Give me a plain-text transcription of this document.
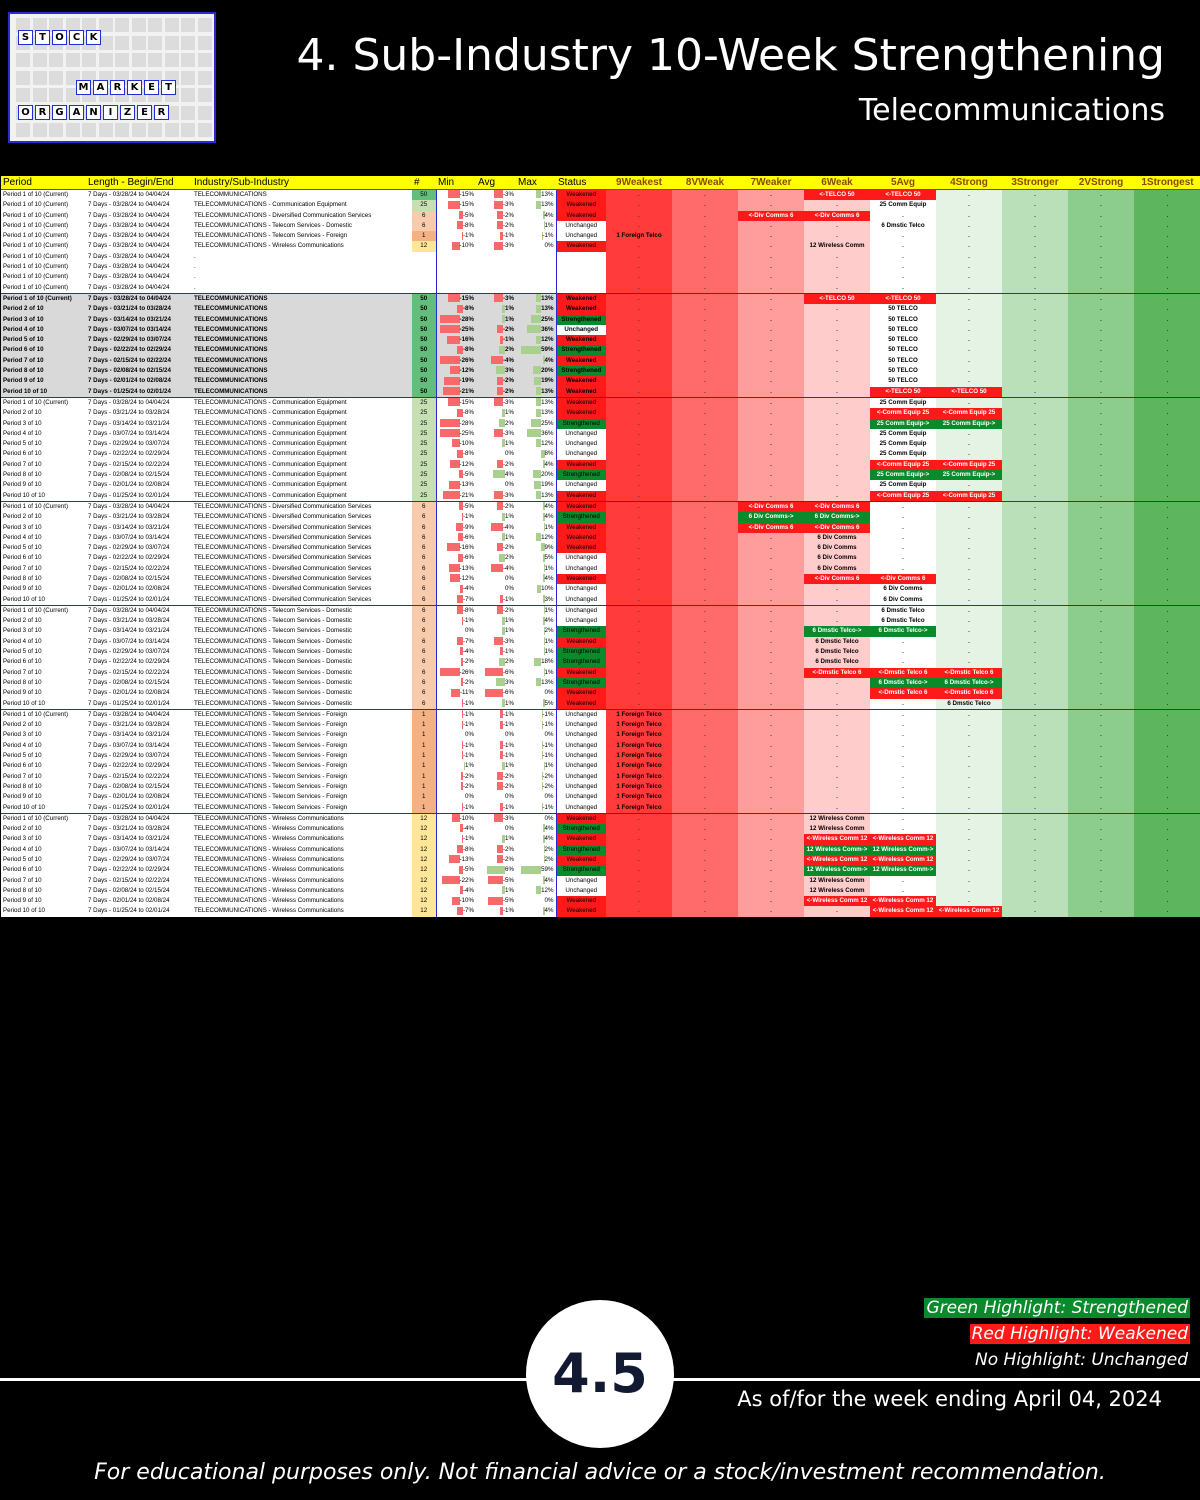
S T O C K
M A R K E	T
O R G A N	I	Z E R
4. Sub-Industry 10-Week Strengthening
Telecommunications
Period	Length - Begin/End	Industry/Sub-Industry	#	Min	Avg	Max	Status	9Weakest	8VWeak	7Weaker	6Weak	5Avg	4Strong	3Stronger	2VStrong	1Strongest
Period 1 of 10 (Current)	7 Days - 03/28/24 to 04/04/24	TELECOMMUNICATIONS	50	-15%	-3%	13%	Weakened	.	.	.	<-TELCO 50	<-TELCO 50	.	.	.	.
Period 1 of 10 (Current)	7 Days - 03/28/24 to 04/04/24	TELECOMMUNICATIONS - Communication Equipment	25	-15%	-3%	13%	Weakened	.	.	.	.	25 Comm Equip	.	.	.	.
Period 1 of 10 (Current)	7 Days - 03/28/24 to 04/04/24	TELECOMMUNICATIONS - Diversified Communication Services	6	-5%	-2%	4%	Weakened	.	.	<-Div Comms 6	<-Div Comms 6	.	.	.	.	.
Period 1 of 10 (Current)	7 Days - 03/28/24 to 04/04/24	TELECOMMUNICATIONS - Telecom Services - Domestic	6	-8%	-2%	1%	Unchanged	.	.	.	.	6 Dmstic Telco	.	.	.	.
Period 1 of 10 (Current)	7 Days - 03/28/24 to 04/04/24	TELECOMMUNICATIONS - Telecom Services - Foreign	1	-1%	-1%	-1%	Unchanged	1 Foreign Telco	.	.	.	.	.	.	.	.
Period 1 of 10 (Current)	7 Days - 03/28/24 to 04/04/24	TELECOMMUNICATIONS - Wireless Communications	12	-10%	-3%	0%	Weakened	.	.	.	12 Wireless Comm	.	.	.	.	.
Period 1 of 10 (Current)	7 Days - 03/28/24 to 04/04/24	.						.	.	.	.	.	.	.	.	.
Period 1 of 10 (Current)	7 Days - 03/28/24 to 04/04/24	.						.	.	.	.	.	.	.	.	.
Period 1 of 10 (Current)	7 Days - 03/28/24 to 04/04/24	.						.	.	.	.	.	.	.	.	.
Period 1 of 10 (Current)	7 Days - 03/28/24 to 04/04/24	.						.	.	.	.	.	.	.	.	.
Period 1 of 10 (Current)	7 Days - 03/28/24 to 04/04/24	TELECOMMUNICATIONS	50	-15%	-3%	13%	Weakened	.	.	.	<-TELCO 50	<-TELCO 50	.	.	.	.
Period 2 of 10	7 Days - 03/21/24 to 03/28/24	TELECOMMUNICATIONS	50	-8%	1%	13%	Weakened	.	.	.	.	50 TELCO	.	.	.	.
Period 3 of 10	7 Days - 03/14/24 to 03/21/24	TELECOMMUNICATIONS	50	-28%	1%	25%	Strengthened	.	.	.	.	50 TELCO	.	.	.	.
Period 4 of 10	7 Days - 03/07/24 to 03/14/24	TELECOMMUNICATIONS	50	-25%	-2%	36%	Unchanged	.	.	.	.	50 TELCO	.	.	.	.
Period 5 of 10	7 Days - 02/29/24 to 03/07/24	TELECOMMUNICATIONS	50	-16%	-1%	12%	Weakened	.	.	.	.	50 TELCO	.	.	.	.
Period 6 of 10	7 Days - 02/22/24 to 02/29/24	TELECOMMUNICATIONS	50	-8%	2%	59%	Strengthened	.	.	.	.	50 TELCO	.	.	.	.
Period 7 of 10	7 Days - 02/15/24 to 02/22/24	TELECOMMUNICATIONS	50	-26%	-4%	4%	Weakened	.	.	.	.	50 TELCO	.	.	.	.
Period 8 of 10	7 Days - 02/08/24 to 02/15/24	TELECOMMUNICATIONS	50	-12%	3%	20%	Strengthened	.	.	.	.	50 TELCO	.	.	.	.
Period 9 of 10	7 Days - 02/01/24 to 02/08/24	TELECOMMUNICATIONS	50	-19%	-2%	19%	Weakened	.	.	.	.	50 TELCO	.	.	.	.
Period 10 of 10	7 Days - 01/25/24 to 02/01/24	TELECOMMUNICATIONS	50	-21%	-2%	13%	Weakened	.	.	.	.	<-TELCO 50	<-TELCO 50	.	.	.
Period 1 of 10 (Current)	7 Days - 03/28/24 to 04/04/24	TELECOMMUNICATIONS - Communication Equipment	25	-15%	-3%	13%	Weakened	.	.	.	.	25 Comm Equip	.	.	.	.
Period 2 of 10	7 Days - 03/21/24 to 03/28/24	TELECOMMUNICATIONS - Communication Equipment	25	-8%	1%	13%	Weakened	.	.	.	.	<-Comm Equip 25	<-Comm Equip 25	.	.	.
Period 3 of 10	7 Days - 03/14/24 to 03/21/24	TELECOMMUNICATIONS - Communication Equipment	25	-28%	2%	25%	Strengthened	.	.	.	.	25 Comm Equip->	25 Comm Equip->	.	.	.
Period 4 of 10	7 Days - 03/07/24 to 03/14/24	TELECOMMUNICATIONS - Communication Equipment	25	-25%	-3%	36%	Unchanged	.	.	.	.	25 Comm Equip	.	.	.	.
Period 5 of 10	7 Days - 02/29/24 to 03/07/24	TELECOMMUNICATIONS - Communication Equipment	25	-10%	1%	12%	Unchanged	.	.	.	.	25 Comm Equip	.	.	.	.
Period 6 of 10	7 Days - 02/22/24 to 02/29/24	TELECOMMUNICATIONS - Communication Equipment	25	-8%	0%	8%	Unchanged	.	.	.	.	25 Comm Equip	.	.	.	.
Period 7 of 10	7 Days - 02/15/24 to 02/22/24	TELECOMMUNICATIONS - Communication Equipment	25	-12%	-2%	4%	Weakened	.	.	.	.	<-Comm Equip 25	<-Comm Equip 25	.	.	.
Period 8 of 10	7 Days - 02/08/24 to 02/15/24	TELECOMMUNICATIONS - Communication Equipment	25	-5%	4%	20%	Strengthened	.	.	.	.	25 Comm Equip->	25 Comm Equip->	.	.	.
Period 9 of 10	7 Days - 02/01/24 to 02/08/24	TELECOMMUNICATIONS - Communication Equipment	25	-13%	0%	19%	Unchanged	.	.	.	.	25 Comm Equip	.	.	.	.
Period 10 of 10	7 Days - 01/25/24 to 02/01/24	TELECOMMUNICATIONS - Communication Equipment	25	-21%	-3%	13%	Weakened	.	.	.	.	<-Comm Equip 25	<-Comm Equip 25	.	.	.
Period 1 of 10 (Current)	7 Days - 03/28/24 to 04/04/24	TELECOMMUNICATIONS - Diversified Communication Services	6	-5%	-2%	4%	Weakened	.	.	<-Div Comms 6	<-Div Comms 6	.	.	.	.	.
Period 2 of 10	7 Days - 03/21/24 to 03/28/24	TELECOMMUNICATIONS - Diversified Communication Services	6	-1%	1%	4%	Strengthened	.	.	6 Div Comms->	6 Div Comms->	.	.	.	.	.
Period 3 of 10	7 Days - 03/14/24 to 03/21/24	TELECOMMUNICATIONS - Diversified Communication Services	6	-9%	-4%	1%	Weakened	.	.	<-Div Comms 6	<-Div Comms 6	.	.	.	.	.
Period 4 of 10	7 Days - 03/07/24 to 03/14/24	TELECOMMUNICATIONS - Diversified Communication Services	6	-6%	1%	12%	Weakened	.	.	.	6 Div Comms	.	.	.	.	.
Period 5 of 10	7 Days - 02/29/24 to 03/07/24	TELECOMMUNICATIONS - Diversified Communication Services	6	-16%	-2%	9%	Weakened	.	.	.	6 Div Comms	.	.	.	.	.
Period 6 of 10	7 Days - 02/22/24 to 02/29/24	TELECOMMUNICATIONS - Diversified Communication Services	6	-6%	2%	5%	Unchanged	.	.	.	6 Div Comms	.	.	.	.	.
Period 7 of 10	7 Days - 02/15/24 to 02/22/24	TELECOMMUNICATIONS - Diversified Communication Services	6	-13%	-4%	1%	Unchanged	.	.	.	6 Div Comms	.	.	.	.	.
Period 8 of 10	7 Days - 02/08/24 to 02/15/24	TELECOMMUNICATIONS - Diversified Communication Services	6	-12%	0%	4%	Weakened	.	.	.	<-Div Comms 6	<-Div Comms 6	.	.	.	.
Period 9 of 10	7 Days - 02/01/24 to 02/08/24	TELECOMMUNICATIONS - Diversified Communication Services	6	-4%	0%	10%	Unchanged	.	.	.	.	6 Div Comms	.	.	.	.
Period 10 of 10	7 Days - 01/25/24 to 02/01/24	TELECOMMUNICATIONS - Diversified Communication Services	6	-7%	-1%	3%	Unchanged	.	.	.	.	6 Div Comms	.	.	.	.
Period 1 of 10 (Current)	7 Days - 03/28/24 to 04/04/24	TELECOMMUNICATIONS - Telecom Services - Domestic	6	-8%	-2%	1%	Unchanged	.	.	.	.	6 Dmstic Telco	.	.	.	.
Period 2 of 10	7 Days - 03/21/24 to 03/28/24	TELECOMMUNICATIONS - Telecom Services - Domestic	6	-1%	1%	4%	Unchanged	.	.	.	.	6 Dmstic Telco	.	.	.	.
Period 3 of 10	7 Days - 03/14/24 to 03/21/24	TELECOMMUNICATIONS - Telecom Services - Domestic	6	0%	1%	2%	Strengthened	.	.	.	6 Dmstic Telco->	6 Dmstic Telco->	.	.	.	.
Period 4 of 10	7 Days - 03/07/24 to 03/14/24	TELECOMMUNICATIONS - Telecom Services - Domestic	6	-7%	-3%	1%	Weakened	.	.	.	6 Dmstic Telco	.	.	.	.	.
Period 5 of 10	7 Days - 02/29/24 to 03/07/24	TELECOMMUNICATIONS - Telecom Services - Domestic	6	-4%	-1%	1%	Strengthened	.	.	.	6 Dmstic Telco	.	.	.	.	.
Period 6 of 10	7 Days - 02/22/24 to 02/29/24	TELECOMMUNICATIONS - Telecom Services - Domestic	6	-2%	2%	18%	Strengthened	.	.	.	6 Dmstic Telco	.	.	.	.	.
Period 7 of 10	7 Days - 02/15/24 to 02/22/24	TELECOMMUNICATIONS - Telecom Services - Domestic	6	-26%	-6%	1%	Weakened	.	.	.	<-Dmstic Telco 6	<-Dmstic Telco 6	<-Dmstic Telco 6	.	.	.
Period 8 of 10	7 Days - 02/08/24 to 02/15/24	TELECOMMUNICATIONS - Telecom Services - Domestic	6	-2%	3%	13%	Strengthened	.	.	.	.	6 Dmstic Telco->	6 Dmstic Telco->	.	.	.
Period 9 of 10	7 Days - 02/01/24 to 02/08/24	TELECOMMUNICATIONS - Telecom Services - Domestic	6	-11%	-6%	0%	Weakened	.	.	.	.	<-Dmstic Telco 6	<-Dmstic Telco 6	.	.	.
Period 10 of 10	7 Days - 01/25/24 to 02/01/24	TELECOMMUNICATIONS - Telecom Services - Domestic	6	-1%	1%	5%	Weakened	.	.	.	.	.	6 Dmstic Telco	.	.	.
Period 1 of 10 (Current)	7 Days - 03/28/24 to 04/04/24	TELECOMMUNICATIONS - Telecom Services - Foreign	1	-1%	-1%	-1%	Unchanged	1 Foreign Telco	.	.	.	.	.	.	.	.
Period 2 of 10	7 Days - 03/21/24 to 03/28/24	TELECOMMUNICATIONS - Telecom Services - Foreign	1	-1%	-1%	-1%	Unchanged	1 Foreign Telco	.	.	.	.	.	.	.	.
Period 3 of 10	7 Days - 03/14/24 to 03/21/24	TELECOMMUNICATIONS - Telecom Services - Foreign	1	0%	0%	0%	Unchanged	1 Foreign Telco	.	.	.	.	.	.	.	.
Period 4 of 10	7 Days - 03/07/24 to 03/14/24	TELECOMMUNICATIONS - Telecom Services - Foreign	1	-1%	-1%	-1%	Unchanged	1 Foreign Telco	.	.	.	.	.	.	.	.
Period 5 of 10	7 Days - 02/29/24 to 03/07/24	TELECOMMUNICATIONS - Telecom Services - Foreign	1	-1%	-1%	-1%	Unchanged	1 Foreign Telco	.	.	.	.	.	.	.	.
Period 6 of 10	7 Days - 02/22/24 to 02/29/24	TELECOMMUNICATIONS - Telecom Services - Foreign	1	1%	1%	1%	Unchanged	1 Foreign Telco	.	.	.	.	.	.	.	.
Period 7 of 10	7 Days - 02/15/24 to 02/22/24	TELECOMMUNICATIONS - Telecom Services - Foreign	1	-2%	-2%	-2%	Unchanged	1 Foreign Telco	.	.	.	.	.	.	.	.
Period 8 of 10	7 Days - 02/08/24 to 02/15/24	TELECOMMUNICATIONS - Telecom Services - Foreign	1	-2%	-2%	-2%	Unchanged	1 Foreign Telco	.	.	.	.	.	.	.	.
Period 9 of 10	7 Days - 02/01/24 to 02/08/24	TELECOMMUNICATIONS - Telecom Services - Foreign	1	0%	0%	0%	Unchanged	1 Foreign Telco	.	.	.	.	.	.	.	.
Period 10 of 10	7 Days - 01/25/24 to 02/01/24	TELECOMMUNICATIONS - Telecom Services - Foreign	1	-1%	-1%	-1%	Unchanged	1 Foreign Telco	.	.	.	.	.	.	.	.
Period 1 of 10 (Current)	7 Days - 03/28/24 to 04/04/24	TELECOMMUNICATIONS - Wireless Communications	12	-10%	-3%	0%	Weakened	.	.	.	12 Wireless Comm	.	.	.	.	.
Period 2 of 10	7 Days - 03/21/24 to 03/28/24	TELECOMMUNICATIONS - Wireless Communications	12	-4%	0%	4%	Strengthened	.	.	.	12 Wireless Comm	.	.	.	.	.
Period 3 of 10	7 Days - 03/14/24 to 03/21/24	TELECOMMUNICATIONS - Wireless Communications	12	-1%	1%	4%	Weakened	.	.	.	<-Wireless Comm 12	<-Wireless Comm 12	.	.	.	.
Period 4 of 10	7 Days - 03/07/24 to 03/14/24	TELECOMMUNICATIONS - Wireless Communications	12	-8%	-2%	2%	Strengthened	.	.	.	12 Wireless Comm->	12 Wireless Comm->	.	.	.	.
Period 5 of 10	7 Days - 02/29/24 to 03/07/24	TELECOMMUNICATIONS - Wireless Communications	12	-13%	-2%	2%	Weakened	.	.	.	<-Wireless Comm 12	<-Wireless Comm 12	.	.	.	.
Period 6 of 10	7 Days - 02/22/24 to 02/29/24	TELECOMMUNICATIONS - Wireless Communications	12	-5%	6%	59%	Strengthened	.	.	.	12 Wireless Comm->	12 Wireless Comm->	.	.	.	.
Period 7 of 10	7 Days - 02/15/24 to 02/22/24	TELECOMMUNICATIONS - Wireless Communications	12	-22%	-5%	4%	Unchanged	.	.	.	12 Wireless Comm	.	.	.	.	.
Period 8 of 10	7 Days - 02/08/24 to 02/15/24	TELECOMMUNICATIONS - Wireless Communications	12	-4%	1%	12%	Unchanged	.	.	.	12 Wireless Comm	.	.	.	.	.
Period 9 of 10	7 Days - 02/01/24 to 02/08/24	TELECOMMUNICATIONS - Wireless Communications	12	-10%	-5%	0%	Weakened	.	.	.	<-Wireless Comm 12	<-Wireless Comm 12	.	.	.	.
Period 10 of 10	7 Days - 01/25/24 to 02/01/24	TELECOMMUNICATIONS - Wireless Communications	12	-7%	-1%	4%	Weakened	.	.	.	.	<-Wireless Comm 12	<-Wireless Comm 12	.	.	.
Green Highlight: Strengthened
Red Highlight: Weakened
No Highlight: Unchanged
4.5	As of/for the week ending April 04, 2024
For educational purposes only. Not financial advice or a stock/investment recommendation.
